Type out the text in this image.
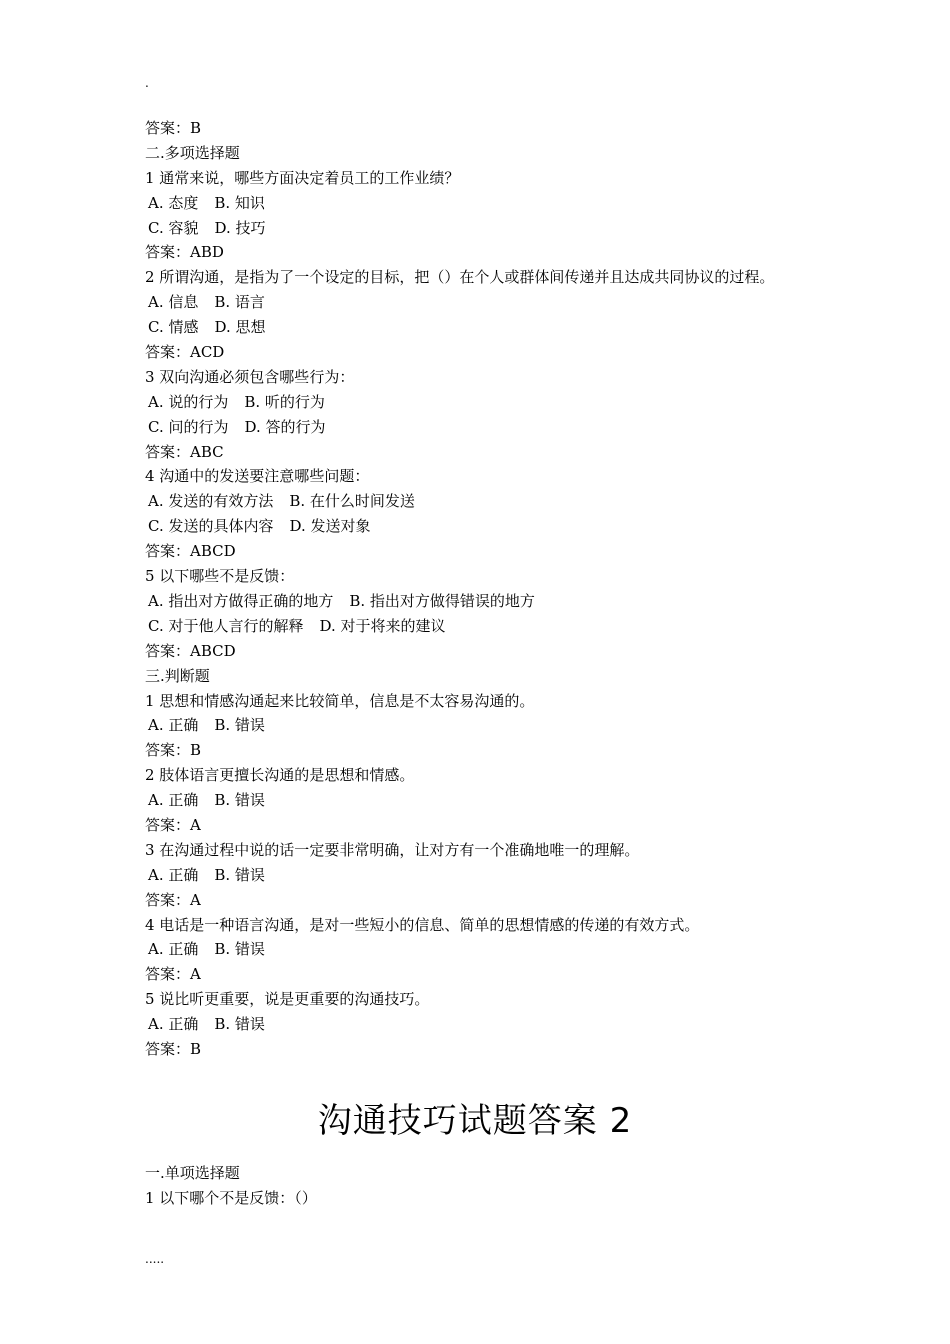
.
答案：B
二.多项选择题
1 通常来说，哪些方面决定着员工的工作业绩？
A. 态度 B. 知识
C. 容貌 D. 技巧
答案：ABD
2 所谓沟通，是指为了一个设定的目标，把（）在个人或群体间传递并且达成共同协议的过程。
A. 信息 B. 语言
C. 情感 D. 思想
答案：ACD
3 双向沟通必须包含哪些行为：
A. 说的行为 B. 听的行为
C. 问的行为 D. 答的行为
答案：ABC
4 沟通中的发送要注意哪些问题：
A. 发送的有效方法 B. 在什么时间发送
C. 发送的具体内容 D. 发送对象
答案：ABCD
5 以下哪些不是反馈：
A. 指出对方做得正确的地方 B. 指出对方做得错误的地方
C. 对于他人言行的解释 D. 对于将来的建议
答案：ABCD
三.判断题
1 思想和情感沟通起来比较简单，信息是不太容易沟通的。
A. 正确 B. 错误
答案：B
2 肢体语言更擅长沟通的是思想和情感。
A. 正确 B. 错误
答案：A
3 在沟通过程中说的话一定要非常明确，让对方有一个准确地唯一的理解。
A. 正确 B. 错误
答案：A
4 电话是一种语言沟通，是对一些短小的信息、简单的思想情感的传递的有效方式。
A. 正确 B. 错误
答案：A
5 说比听更重要，说是更重要的沟通技巧。
A. 正确 B. 错误
答案：B
沟通技巧试题答案 2
一.单项选择题
1 以下哪个不是反馈：（）
.....
